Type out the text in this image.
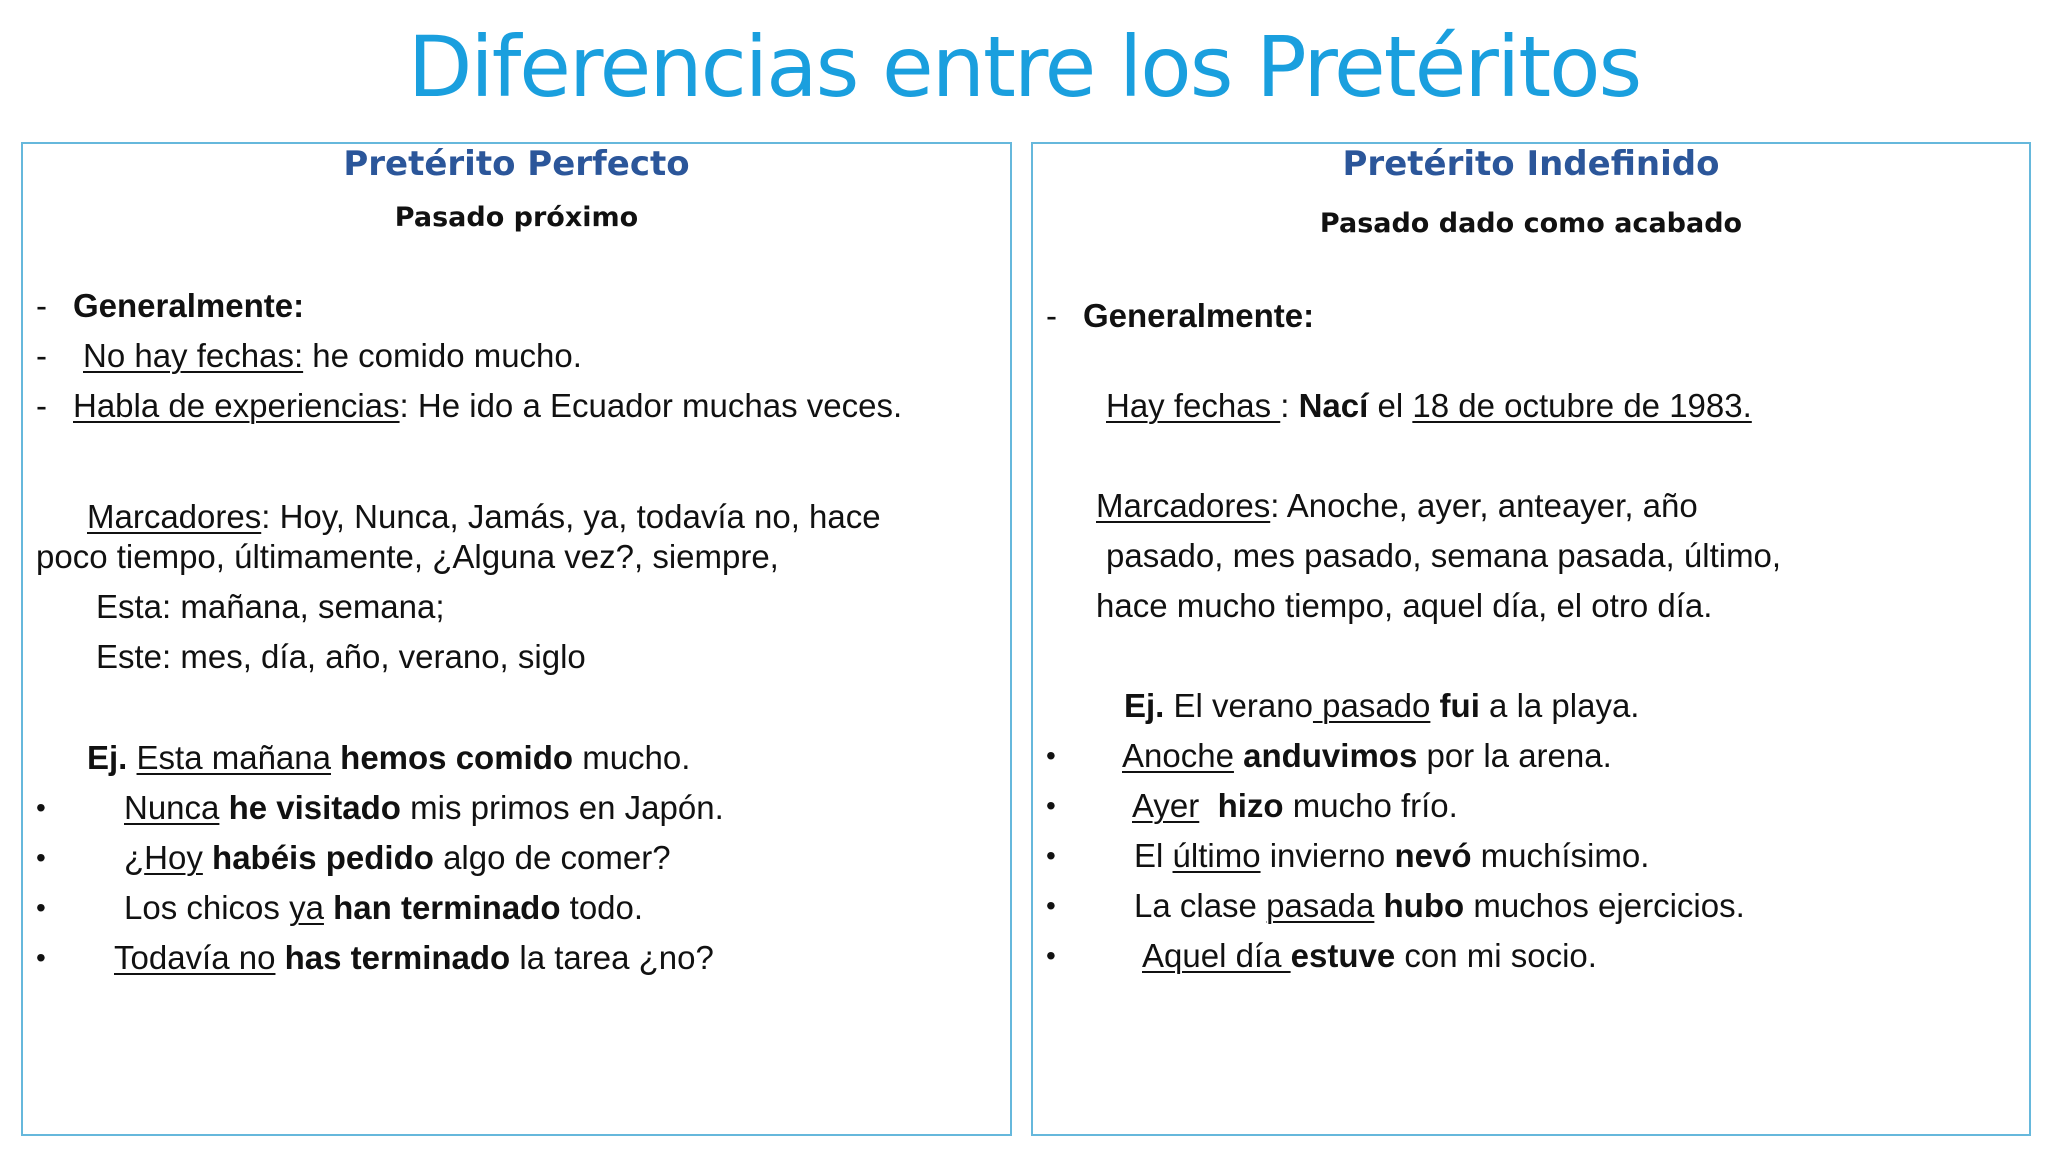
Diferencias entre los Pretéritos
Pretérito Perfecto
Pasado próximo
- Generalmente:
- No hay fechas: he comido mucho.
- Habla de experiencias: He ido a Ecuador muchas veces.
Marcadores: Hoy, Nunca, Jamás, ya, todavía no, hace
poco tiempo, últimamente, ¿Alguna vez?, siempre,
Esta: mañana, semana;
Este: mes, día, año, verano, siglo
Ej. Esta mañana hemos comido mucho.
• Nunca he visitado mis primos en Japón.
• ¿Hoy habéis pedido algo de comer?
• Los chicos ya han terminado todo.
• Todavía no has terminado la tarea ¿no?
Pretérito Indefinido
Pasado dado como acabado
- Generalmente:
Hay fechas : Nací el 18 de octubre de 1983.
Marcadores: Anoche, ayer, anteayer, año
pasado, mes pasado, semana pasada, último,
hace mucho tiempo, aquel día, el otro día.
Ej. El verano pasado fui a la playa.
• Anoche anduvimos por la arena.
• Ayer  hizo mucho frío.
• El último invierno nevó muchísimo.
• La clase pasada hubo muchos ejercicios.
•	Aquel día estuve con mi socio.
